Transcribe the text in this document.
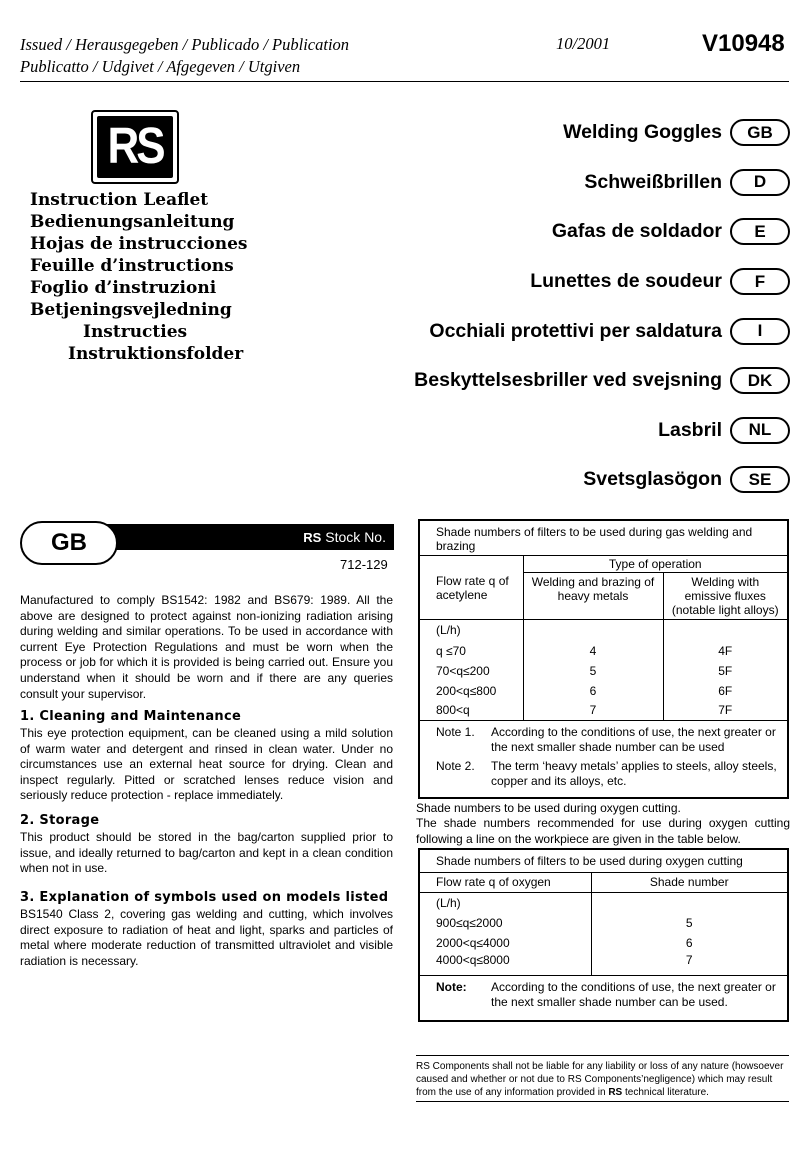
Issued / Herausgegeben / Publicado / Publication
Publicatto / Udgivet / Afgegeven / Utgiven
10/2001	V10948
RS
Instruction Leaflet
Bedienungsanleitung
Hojas de instrucciones
Feuille d’instructions
Foglio d’instruzioni
Betjeningsvejledning
Instructies
Instruktionsfolder
Welding Goggles	GB
Schweißbrillen	D
Gafas de soldador	E
Lunettes de soudeur	F
Occhiali protettivi per saldatura	I
Beskyttelsesbriller ved svejsning	DK
Lasbril	NL
Svetsglasögon	SE
GB	RS Stock No.
712-129
Manufactured to comply BS1542: 1982 and BS679: 1989. All the above are designed to protect against non-ionizing radiation arising during welding and similar operations. To be used in accordance with current Eye Protection Regulations and must be worn when the process or job for which it is provided is being carried out. Ensure you understand when it should be worn and if there are any queries consult your supervisor.
1. Cleaning and Maintenance
This eye protection equipment, can be cleaned using a mild solution of warm water and detergent and rinsed in clean water. Under no circumstances use an external heat source for drying. Clean and inspect regularly. Pitted or scratched lenses reduce vision and seriously reduce protection - replace immediately.
2. Storage
This product should be stored in the bag/carton supplied prior to issue, and ideally returned to bag/carton and kept in a clean condition when not in use.
3. Explanation of symbols used on models listed
BS1540 Class 2, covering gas welding and cutting, which involves direct exposure to radiation of heat and light, sparks and particles of metal where moderate reduction of transmitted ultraviolet and visible radiation is necessary.
Shade numbers of filters to be used during gas welding and brazing		
Flow rate q of acetylene	Type of operation	
	Welding and brazing of heavy metals	Welding with emissive fluxes (notable light alloys)
(L/h)		
q ≤70	4	4F
70<q≤200	5	5F
200<q≤800	6	6F
800<q	7	7F

Note 1. According to the conditions of use, the next greater or the next smaller shade number can be used
Note 2. The term ‘heavy metals’ applies to steels, alloy steels, copper and its alloys, etc.		
Shade numbers to be used during oxygen cutting.
The shade numbers recommended for use during oxygen cutting following a line on the workpiece are given in the table below.
Shade numbers of filters to be used during oxygen cutting	
Flow rate q of oxygen	Shade number
(L/h)	
900≤q≤2000	5
2000<q≤4000	6
4000<q≤8000	7

Note: According to the conditions of use, the next greater or the next smaller shade number can be used.	
RS Components shall not be liable for any liability or loss of any nature (howsoever caused and whether or not due to RS Components’negligence) which may result from the use of any information provided in RS technical literature.
